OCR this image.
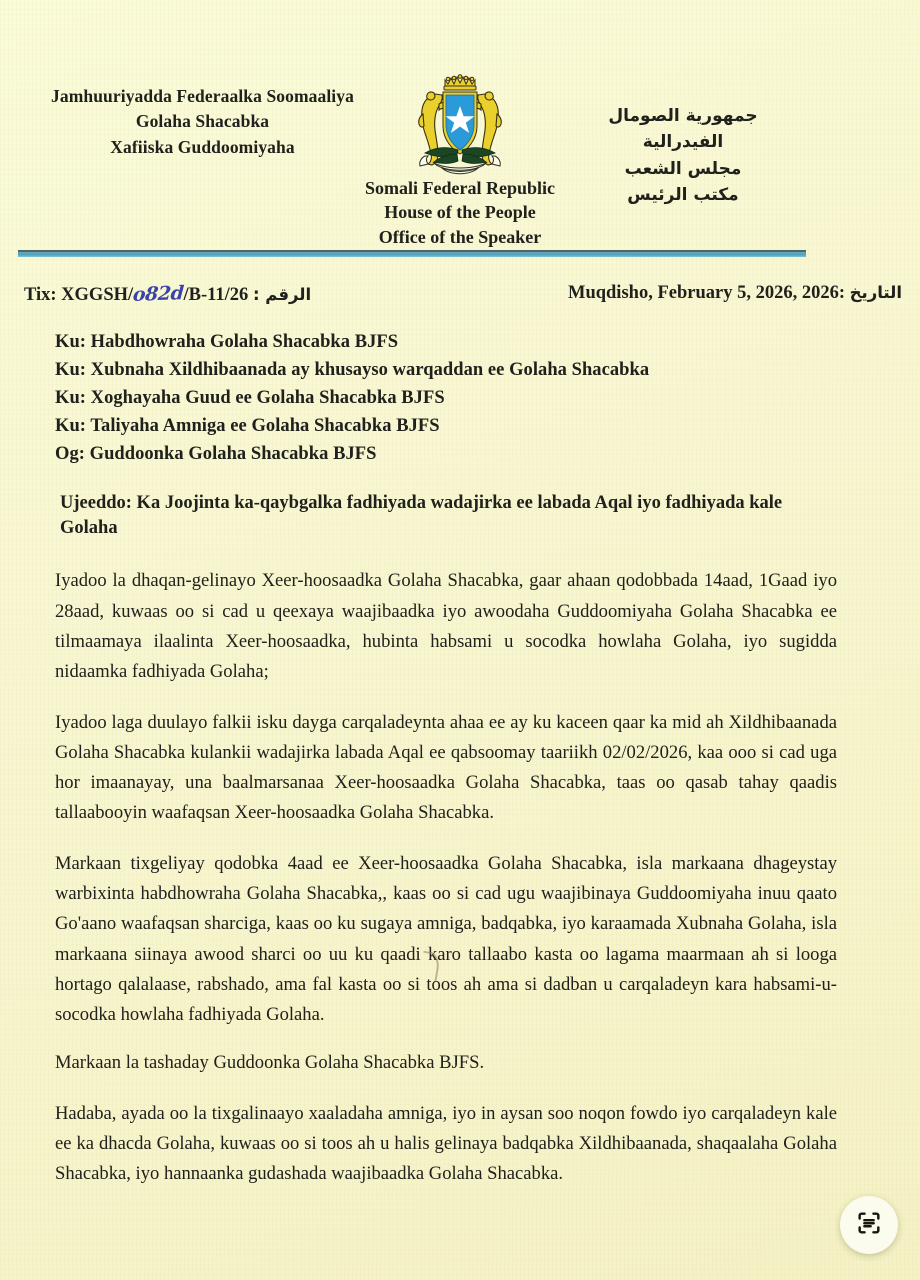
Jamhuuriyadda Federaalka Soomaaliya
Golaha Shacabka
Xafiiska Guddoomiyaha
جمهورية الصومال الفيدرالية
مجلس الشعب
مكتب الرئيس
Somali Federal Republic
House of the People
Office of the Speaker
Tix: XGGSH/o82d/B-11/26 الرقم :	Muqdisho, February 5, 2026, 2026: التاريخ
Ku: Habdhowraha Golaha Shacabka BJFS
Ku: Xubnaha Xildhibaanada ay khusayso warqaddan ee Golaha Shacabka
Ku: Xoghayaha Guud ee Golaha Shacabka BJFS
Ku: Taliyaha Amniga ee Golaha Shacabka BJFS
Og: Guddoonka Golaha Shacabka BJFS
Ujeeddo: Ka Joojinta ka-qaybgalka fadhiyada wadajirka ee labada Aqal iyo fadhiyada kale Golaha
Iyadoo la dhaqan-gelinayo Xeer-hoosaadka Golaha Shacabka, gaar ahaan qodobbada 14aad, 1Gaad iyo 28aad, kuwaas oo si cad u qeexaya waajibaadka iyo awoodaha Guddoomiyaha Golaha Shacabka ee tilmaamaya ilaalinta Xeer-hoosaadka, hubinta habsami u socodka howlaha Golaha, iyo sugidda nidaamka fadhiyada Golaha;
Iyadoo laga duulayo falkii isku dayga carqaladeynta ahaa ee ay ku kaceen qaar ka mid ah Xildhibaanada Golaha Shacabka kulankii wadajirka labada Aqal ee qabsoomay taariikh 02/02/2026, kaa ooo si cad uga hor imaanayay, una baalmarsanaa Xeer-hoosaadka Golaha Shacabka, taas oo qasab tahay qaadis tallaabooyin waafaqsan Xeer-hoosaadka Golaha Shacabka.
Markaan tixgeliyay qodobka 4aad ee Xeer-hoosaadka Golaha Shacabka, isla markaana dhageystay warbixinta habdhowraha Golaha Shacabka,, kaas oo si cad ugu waajibinaya Guddoomiyaha inuu qaato Go'aano waafaqsan sharciga, kaas oo ku sugaya amniga, badqabka, iyo karaamada Xubnaha Golaha, isla markaana siinaya awood sharci oo uu ku qaadi karo tallaabo kasta oo lagama maarmaan ah si looga hortago qalalaase, rabshado, ama fal kasta oo si toos ah ama si dadban u carqaladeyn kara habsami-u- socodka howlaha fadhiyada Golaha.
Markaan la tashaday Guddoonka Golaha Shacabka BJFS.
Hadaba, ayada oo la tixgalinaayo xaaladaha amniga, iyo in aysan soo noqon fowdo iyo carqaladeyn kale ee ka dhacda Golaha, kuwaas oo si toos ah u halis gelinaya badqabka Xildhibaanada, shaqaalaha Golaha Shacabka, iyo hannaanka gudashada waajibaadka Golaha Shacabka.
